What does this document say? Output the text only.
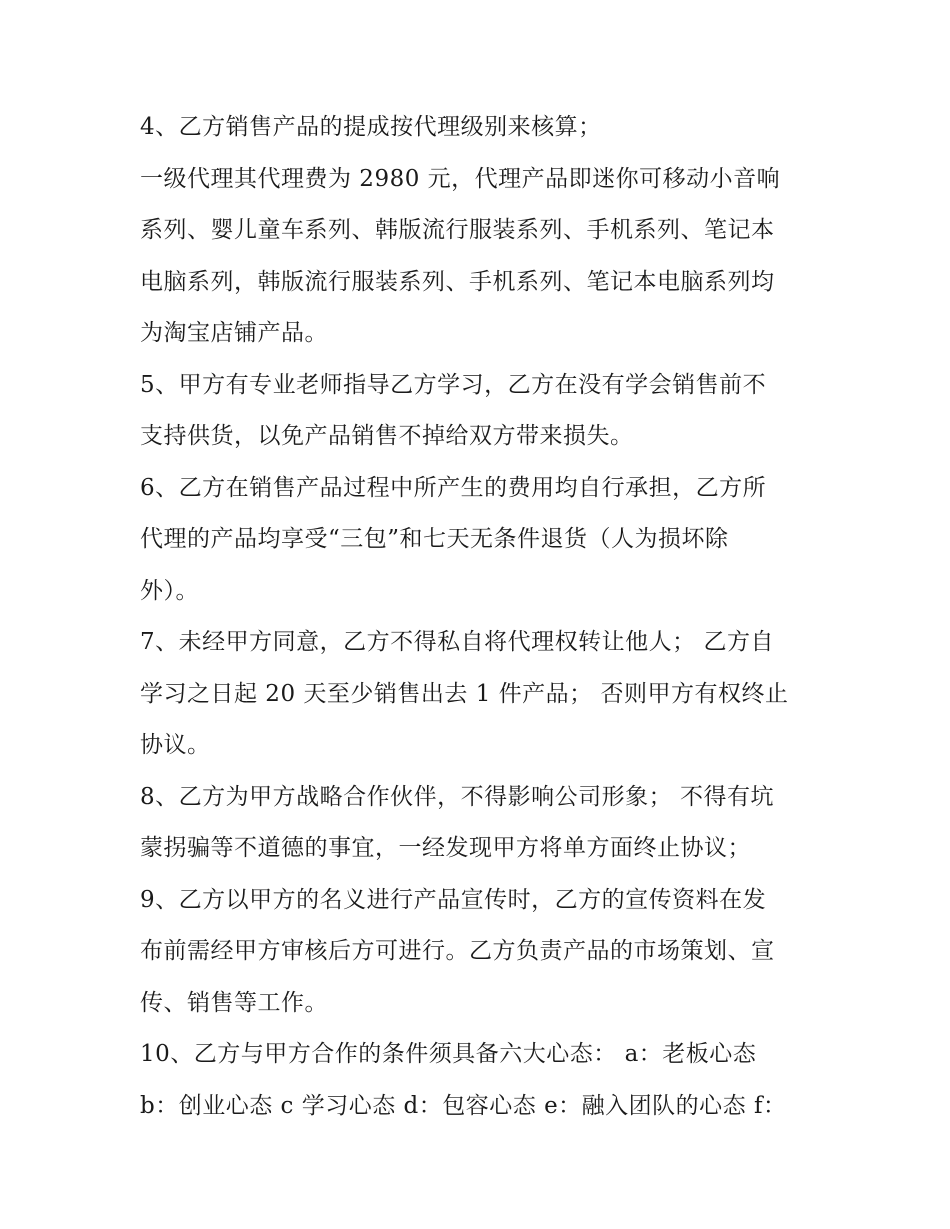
4、乙方销售产品的提成按代理级别来核算；
一级代理其代理费为 2980 元，代理产品即迷你可移动小音响
系列、婴儿童车系列、韩版流行服装系列、手机系列、笔记本
电脑系列，韩版流行服装系列、手机系列、笔记本电脑系列均
为淘宝店铺产品。
5、甲方有专业老师指导乙方学习，乙方在没有学会销售前不
支持供货，以免产品销售不掉给双方带来损失。
6、乙方在销售产品过程中所产生的费用均自行承担，乙方所
代理的产品均享受“三包”和七天无条件退货（人为损坏除
外）。
7、未经甲方同意，乙方不得私自将代理权转让他人； 乙方自
学习之日起 20 天至少销售出去 1 件产品； 否则甲方有权终止
协议。
8、乙方为甲方战略合作伙伴，不得影响公司形象； 不得有坑
蒙拐骗等不道德的事宜，一经发现甲方将单方面终止协议；
9、乙方以甲方的名义进行产品宣传时，乙方的宣传资料在发
布前需经甲方审核后方可进行。乙方负责产品的市场策划、宣
传、销售等工作。
10、乙方与甲方合作的条件须具备六大心态： a：老板心态
b：创业心态 c 学习心态 d：包容心态 e：融入团队的心态 f：
